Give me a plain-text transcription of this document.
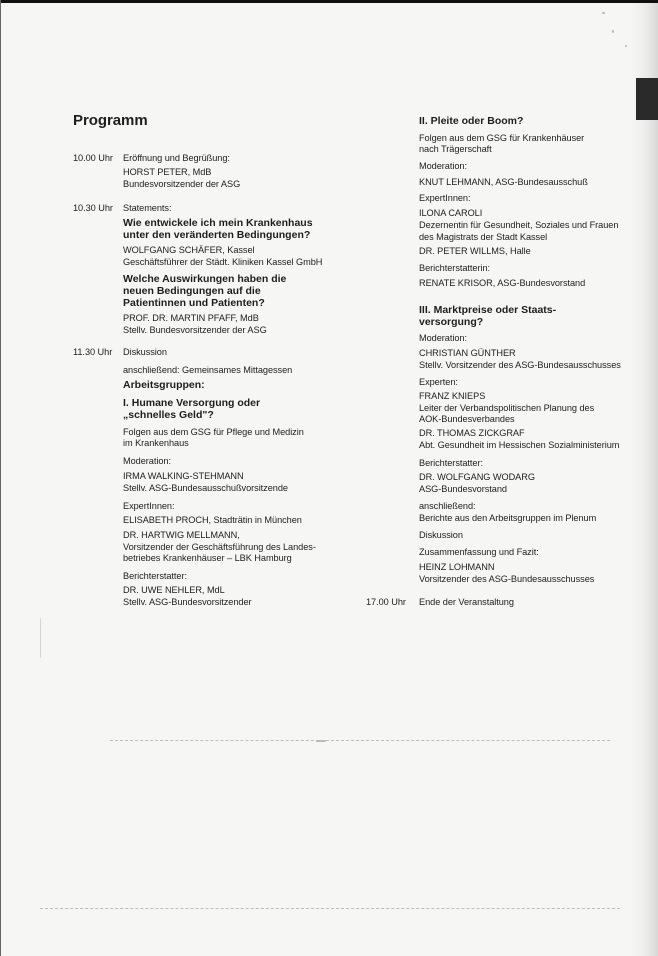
Programm
10.00 Uhr Eröffnung und Begrüßung:
HORST PETER, MdB
Bundesvorsitzender der ASG
10.30 Uhr Statements:
Wie entwickele ich mein Krankenhaus
unter den veränderten Bedingungen?
WOLFGANG SCHÄFER, Kassel
Geschäftsführer der Städt. Kliniken Kassel GmbH
Welche Auswirkungen haben die
neuen Bedingungen auf die
Patientinnen und Patienten?
PROF. DR. MARTIN PFAFF, MdB
Stellv. Bundesvorsitzender der ASG
11.30 Uhr Diskussion
anschließend: Gemeinsames Mittagessen
Arbeitsgruppen:
I. Humane Versorgung oder
„schnelles Geld"?
Folgen aus dem GSG für Pflege und Medizin
im Krankenhaus
Moderation:
IRMA WALKING-STEHMANN
Stellv. ASG-Bundesausschußvorsitzende
ExpertInnen:
ELISABETH PROCH, Stadträtin in München
DR. HARTWIG MELLMANN,
Vorsitzender der Geschäftsführung des Landes-
betriebes Krankenhäuser – LBK Hamburg
Berichterstatter:
DR. UWE NEHLER, MdL
Stellv. ASG-Bundesvorsitzender
II. Pleite oder Boom?
Folgen aus dem GSG für Krankenhäuser
nach Trägerschaft
Moderation:
KNUT LEHMANN, ASG-Bundesausschuß
ExpertInnen:
ILONA CAROLI
Dezernentin für Gesundheit, Soziales und Frauen
des Magistrats der Stadt Kassel
DR. PETER WILLMS, Halle
Berichterstatterin:
RENATE KRISOR, ASG-Bundesvorstand
III. Marktpreise oder Staats-
versorgung?
Moderation:
CHRISTIAN GÜNTHER
Stellv. Vorsitzender des ASG-Bundesausschusses
Experten:
FRANZ KNIEPS
Leiter der Verbandspolitischen Planung des
AOK-Bundesverbandes
DR. THOMAS ZICKGRAF
Abt. Gesundheit im Hessischen Sozialministerium
Berichterstatter:
DR. WOLFGANG WODARG
ASG-Bundesvorstand
anschließend:
Berichte aus den Arbeitsgruppen im Plenum
Diskussion
Zusammenfassung und Fazit:
HEINZ LOHMANN
Vorsitzender des ASG-Bundesausschusses
17.00 Uhr Ende der Veranstaltung
